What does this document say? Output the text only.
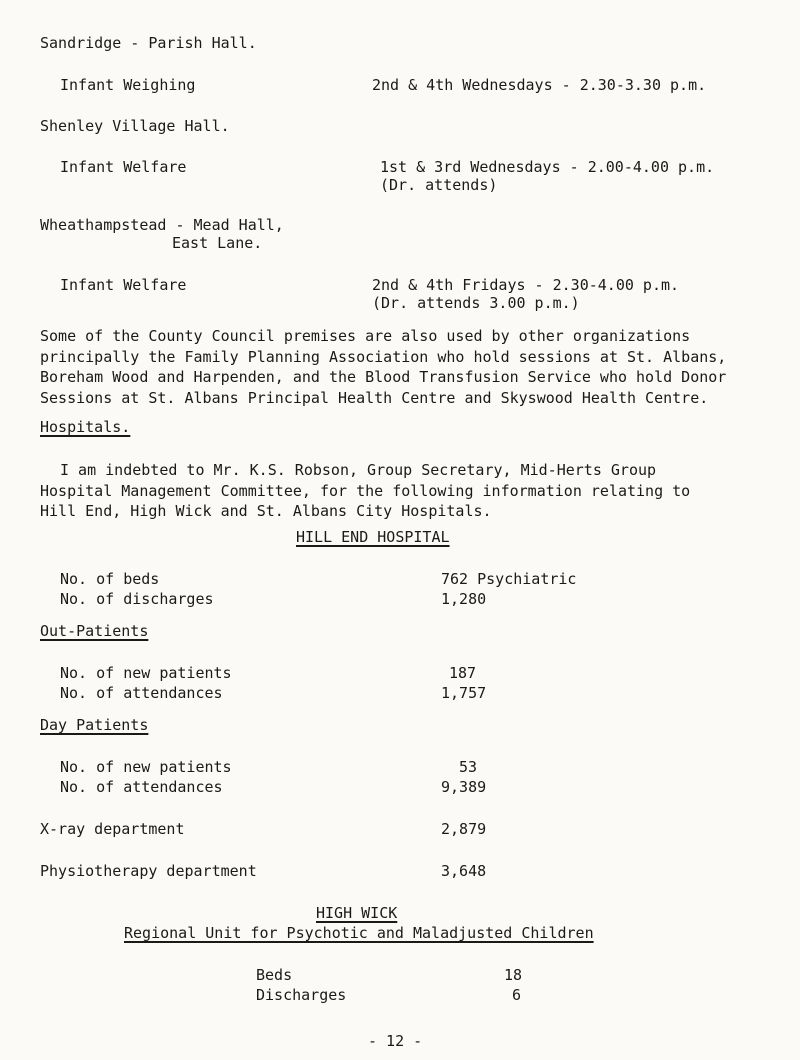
Sandridge - Parish Hall.
Infant Weighing	2nd & 4th Wednesdays - 2.30-3.30 p.m.
Shenley Village Hall.
Infant Welfare	1st & 3rd Wednesdays - 2.00-4.00 p.m.
(Dr. attends)
Wheathampstead - Mead Hall,
East Lane.
Infant Welfare	2nd & 4th Fridays - 2.30-4.00 p.m.
(Dr. attends 3.00 p.m.)
Some of the County Council premises are also used by other organizations
principally the Family Planning Association who hold sessions at St. Albans,
Boreham Wood and Harpenden, and the Blood Transfusion Service who hold Donor
Sessions at St. Albans Principal Health Centre and Skyswood Health Centre.
Hospitals.
I am indebted to Mr. K.S. Robson, Group Secretary, Mid-Herts Group
Hospital Management Committee, for the following information relating to
Hill End, High Wick and St. Albans City Hospitals.
HILL END HOSPITAL
No. of beds	762 Psychiatric
No. of discharges	1,280
Out-Patients
No. of new patients	187
No. of attendances	1,757
Day Patients
No. of new patients	53
No. of attendances	9,389
X-ray department	2,879
Physiotherapy department	3,648
HIGH WICK
Regional Unit for Psychotic and Maladjusted Children
Beds	18
Discharges	6
- 12 -
